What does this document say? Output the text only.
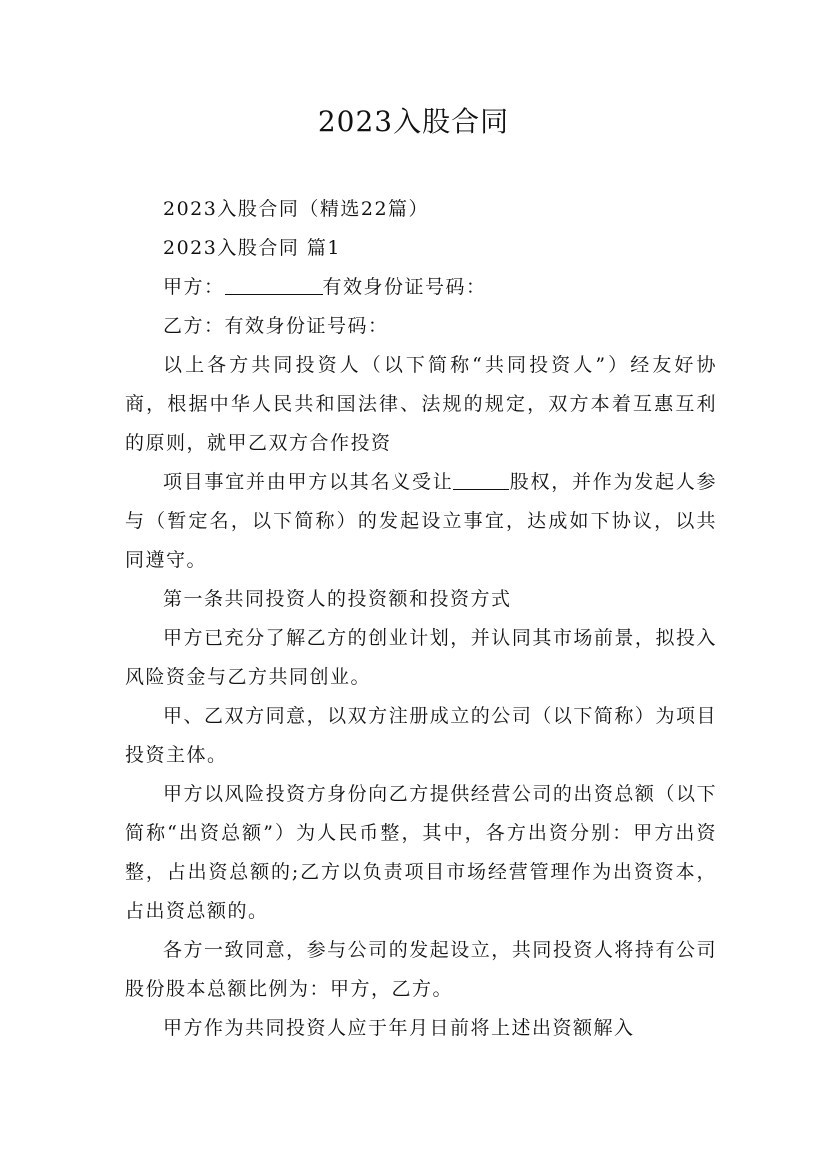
2023入股合同

2023入股合同（精选22篇）

2023入股合同 篇1

甲方：	有效身份证号码：

乙方：有效身份证号码：

以上各方共同投资人（以下简称“共同投资人”）经友好协商，根据中华人民共和国法律、法规的规定，双方本着互惠互利的原则，就甲乙双方合作投资

项目事宜并由甲方以其名义受让	股权，并作为发起人参与（暂定名，以下简称）的发起设立事宜，达成如下协议，以共同遵守。

第一条共同投资人的投资额和投资方式

甲方已充分了解乙方的创业计划，并认同其市场前景，拟投入风险资金与乙方共同创业。

甲、乙双方同意，以双方注册成立的公司（以下简称）为项目投资主体。

甲方以风险投资方身份向乙方提供经营公司的出资总额（以下简称“出资总额”）为人民币整，其中，各方出资分别：甲方出资整，占出资总额的;乙方以负责项目市场经营管理作为出资资本，占出资总额的。

各方一致同意，参与公司的发起设立，共同投资人将持有公司股份股本总额比例为：甲方，乙方。

甲方作为共同投资人应于年月日前将上述出资额解入
